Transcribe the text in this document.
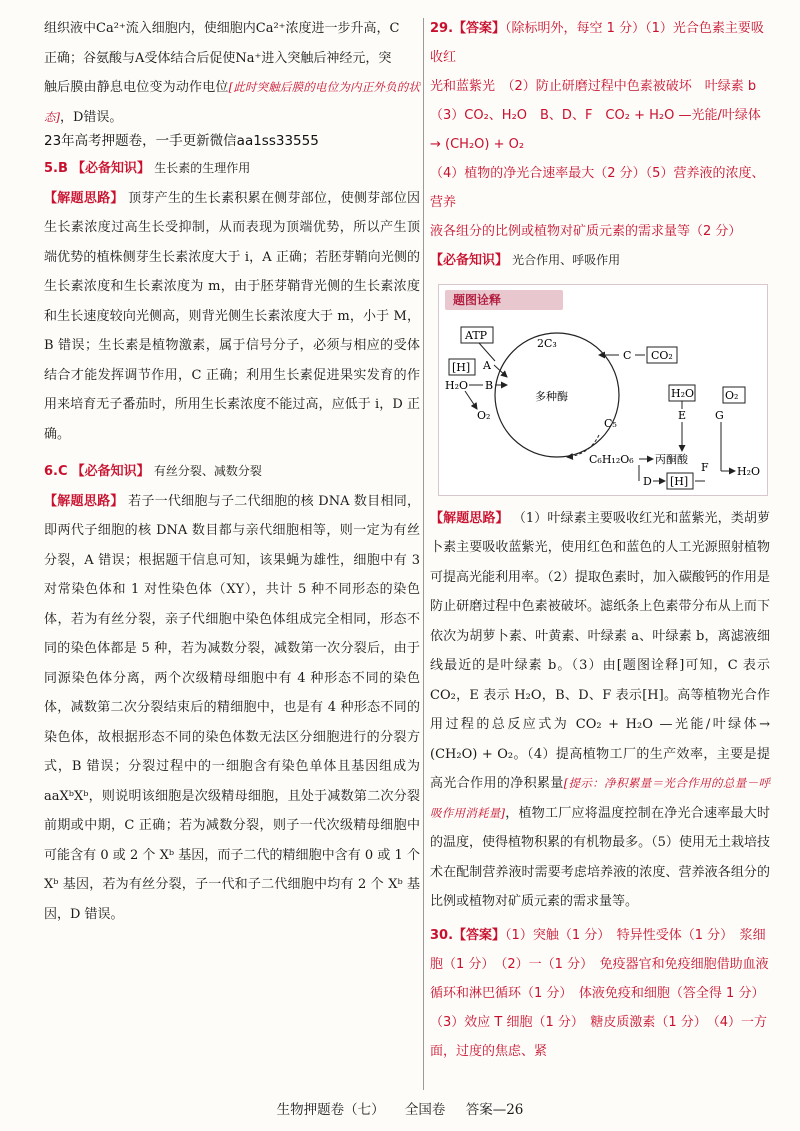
组织液中Ca²⁺流入细胞内，使细胞内Ca²⁺浓度进一步升高，C

正确；谷氨酸与A受体结合后促使Na⁺进入突触后神经元，突

触后膜由静息电位变为动作电位[此时突触后膜的电位为内正外负的状态]，D错误。

23年高考押题卷，一手更新微信aa1ss33555

5.B 【必备知识】 生长素的生理作用

【解题思路】 顶芽产生的生长素积累在侧芽部位，使侧芽部位因生长素浓度过高生长受抑制，从而表现为顶端优势，所以产生顶端优势的植株侧芽生长素浓度大于 i，A 正确；若胚芽鞘向光侧的生长素浓度和生长素浓度为 m，由于胚芽鞘背光侧的生长素浓度和生长速度较向光侧高，则背光侧生长素浓度大于 m，小于 M，B 错误；生长素是植物激素，属于信号分子，必须与相应的受体结合才能发挥调节作用，C 正确；利用生长素促进果实发育的作用来培育无子番茄时，所用生长素浓度不能过高，应低于 i，D 正确。

6.C 【必备知识】 有丝分裂、减数分裂

【解题思路】 若子一代细胞与子二代细胞的核 DNA 数目相同，即两代子细胞的核 DNA 数目都与亲代细胞相等，则一定为有丝分裂，A 错误；根据题干信息可知，该果蝇为雄性，细胞中有 3 对常染色体和 1 对性染色体（XY），共计 5 种不同形态的染色体，若为有丝分裂，亲子代细胞中染色体组成完全相同，形态不同的染色体都是 5 种，若为减数分裂，减数第一次分裂后，由于同源染色体分离，两个次级精母细胞中有 4 种形态不同的染色体，减数第二次分裂结束后的精细胞中，也是有 4 种形态不同的染色体，故根据形态不同的染色体数无法区分细胞进行的分裂方式，B 错误；分裂过程中的一细胞含有染色单体且基因组成为 aaXᵇXᵇ，则说明该细胞是次级精母细胞，且处于减数第二次分裂前期或中期，C 正确；若为减数分裂，则子一代次级精母细胞中可能含有 0 或 2 个 Xᵇ 基因，而子二代的精细胞中含有 0 或 1 个 Xᵇ 基因，若为有丝分裂，子一代和子二代细胞中均有 2 个 Xᵇ 基因，D 错误。

29.【答案】（除标明外，每空 1 分）（1）光合色素主要吸收红

光和蓝紫光　（2）防止研磨过程中色素被破坏　叶绿素 b

（3）CO₂、H₂O　B、D、F　CO₂ + H₂O —光能/叶绿体→ (CH₂O) + O₂

（4）植物的净光合速率最大（2 分）（5）营养液的浓度、营养

液各组分的比例或植物对矿质元素的需求量等（2 分）

【必备知识】 光合作用、呼吸作用

题图诠释
多种酶
2C₃
C₅
ATP
A
[H]
H₂O B
O₂
CO₂
C
C₆H₁₂O₆ 丙酮酸
H₂O
E
O₂
G
H₂O
D [H]
F

【解题思路】 （1）叶绿素主要吸收红光和蓝紫光，类胡萝卜素主要吸收蓝紫光，使用红色和蓝色的人工光源照射植物可提高光能利用率。（2）提取色素时，加入碳酸钙的作用是防止研磨过程中色素被破坏。滤纸条上色素带分布从上而下依次为胡萝卜素、叶黄素、叶绿素 a、叶绿素 b，离滤液细线最近的是叶绿素 b。（3）由[题图诠释]可知，C 表示 CO₂，E 表示 H₂O，B、D、F 表示[H]。高等植物光合作用过程的总反应式为 CO₂ + H₂O —光能/叶绿体→ (CH₂O) + O₂。（4）提高植物工厂的生产效率，主要是提高光合作用的净积累量[提示：净积累量＝光合作用的总量－呼吸作用消耗量]，植物工厂应将温度控制在净光合速率最大时的温度，使得植物积累的有机物最多。（5）使用无土栽培技术在配制营养液时需要考虑培养液的浓度、营养液各组分的比例或植物对矿质元素的需求量等。

30.【答案】（1）突触（1 分）　特异性受体（1 分）　浆细胞（1 分）　（2）一（1 分）　免疫器官和免疫细胞借助血液循环和淋巴循环（1 分）　体液免疫和细胞（答全得 1 分）　（3）效应 T 细胞（1 分）　糖皮质激素（1 分）　（4）一方面，过度的焦虑、紧

生物押题卷（七） 全国卷 答案—26
